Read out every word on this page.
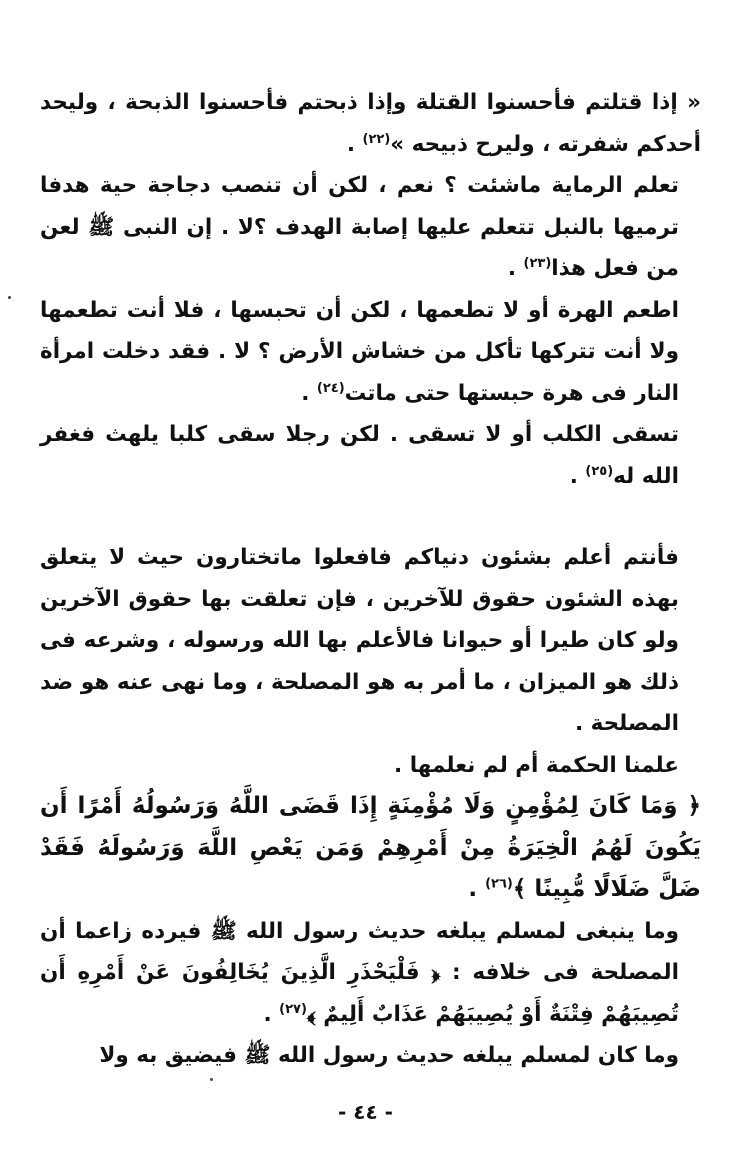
« إذا قتلتم فأحسنوا القتلة وإذا ذبحتم فأحسنوا الذبحة ، وليحد أحدكم شفرته ، وليرح ذبيحه »$^{(٢٢)}$ .

تعلم الرماية ماشئت ؟ نعم ، لكن أن تنصب دجاجة حية هدفا ترميها بالنبل تتعلم عليها إصابة الهدف ؟لا . إن النبى ﷺ لعن من فعل هذا$^{(٢٣)}$ .

اطعم الهرة أو لا تطعمها ، لكن أن تحبسها ، فلا أنت تطعمها ولا أنت تتركها تأكل من خشاش الأرض ؟ لا . فقد دخلت امرأة النار فى هرة حبستها حتى ماتت$^{(٢٤)}$ .

تسقى الكلب أو لا تسقى . لكن رجلا سقى كلبا يلهث فغفر الله له$^{(٢٥)}$ .

فأنتم أعلم بشئون دنياكم فافعلوا ماتختارون حيث لا يتعلق بهذه الشئون حقوق للآخرين ، فإن تعلقت بها حقوق الآخرين ولو كان طيرا أو حيوانا فالأعلم بها الله ورسوله ، وشرعه فى ذلك هو الميزان ، ما أمر به هو المصلحة ، وما نهى عنه هو ضد المصلحة .

علمنا الحكمة أم لم نعلمها .

﴿ وَمَا كَانَ لِمُؤْمِنٍ وَلَا مُؤْمِنَةٍ إِذَا قَضَى اللَّهُ وَرَسُولُهُ أَمْرًا أَن يَكُونَ لَهُمُ الْخِيَرَةُ مِنْ أَمْرِهِمْ وَمَن يَعْصِ اللَّهَ وَرَسُولَهُ فَقَدْ ضَلَّ ضَلَالًا مُّبِينًا ﴾$^{(٢٦)}$ .

وما ينبغى لمسلم يبلغه حديث رسول الله ﷺ فيرده زاعما أن المصلحة فى خلافه : ﴿ فَلْيَحْذَرِ الَّذِينَ يُخَالِفُونَ عَنْ أَمْرِهِ أَن تُصِيبَهُمْ فِتْنَةٌ أَوْ يُصِيبَهُمْ عَذَابٌ أَلِيمٌ ﴾$^{(٢٧)}$ .

وما كان لمسلم يبلغه حديث رسول الله ﷺ فيضيق به ولا

- ٤٤ -
